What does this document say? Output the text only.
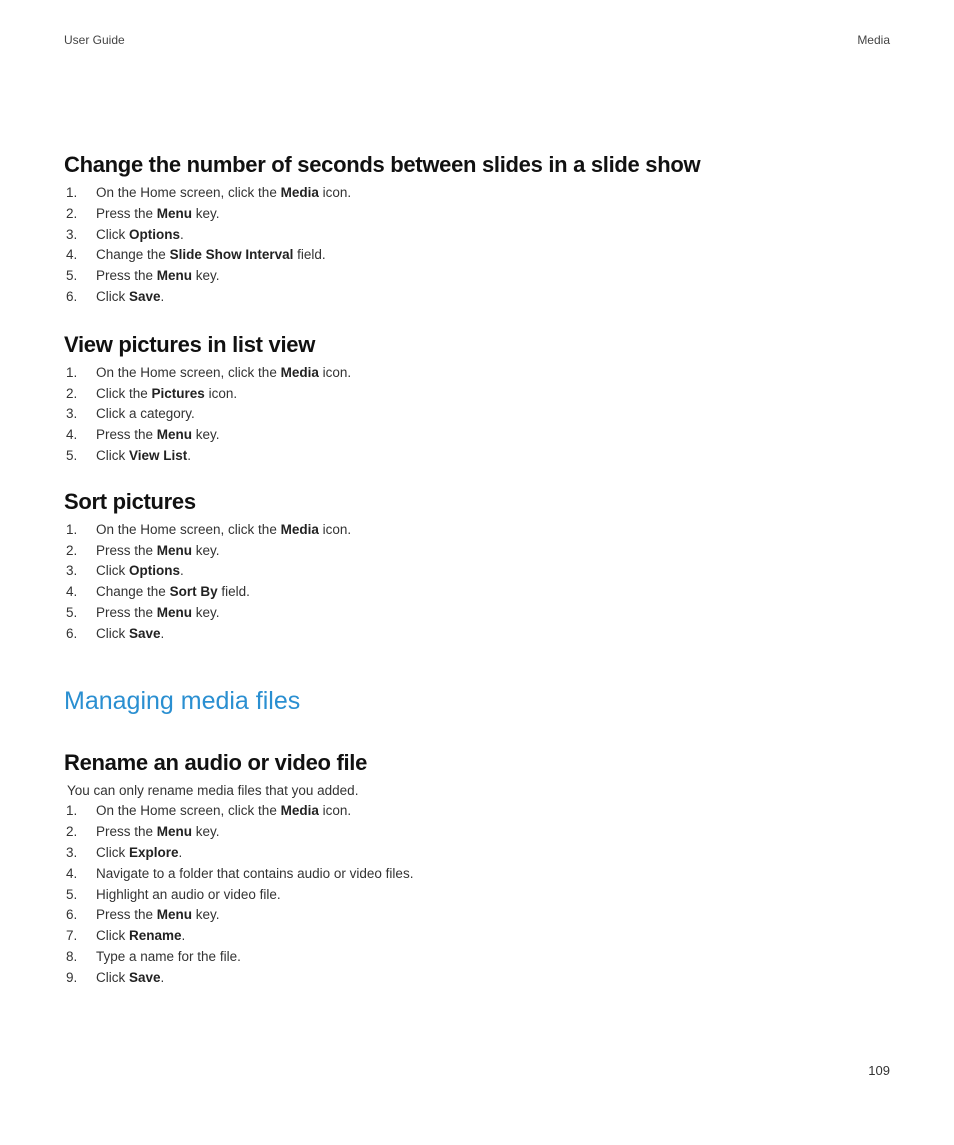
User Guide	Media
Change the number of seconds between slides in a slide show
1.	On the Home screen, click the Media icon.
2.	Press the Menu key.
3.	Click Options.
4.	Change the Slide Show Interval field.
5.	Press the Menu key.
6.	Click Save.
View pictures in list view
1.	On the Home screen, click the Media icon.
2.	Click the Pictures icon.
3.	Click a category.
4.	Press the Menu key.
5.	Click View List.
Sort pictures
1.	On the Home screen, click the Media icon.
2.	Press the Menu key.
3.	Click Options.
4.	Change the Sort By field.
5.	Press the Menu key.
6.	Click Save.
Managing media files
Rename an audio or video file
You can only rename media files that you added.
1.	On the Home screen, click the Media icon.
2.	Press the Menu key.
3.	Click Explore.
4.	Navigate to a folder that contains audio or video files.
5.	Highlight an audio or video file.
6.	Press the Menu key.
7.	Click Rename.
8.	Type a name for the file.
9.	Click Save.
109
